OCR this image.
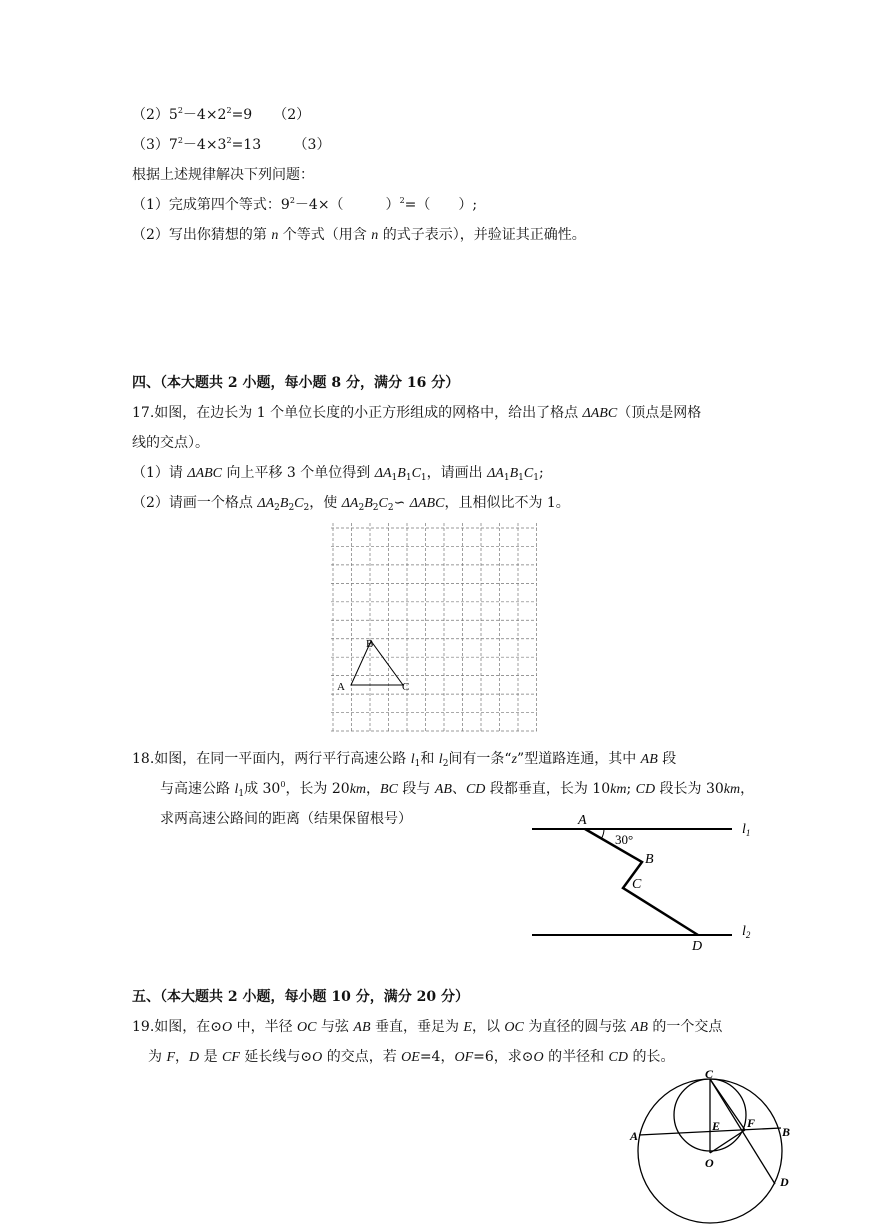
$(2)5^2-4\times 2^2=9$　　（2）
$(3)7^2-4\times 3^2=13$　　 （3）
根据上述规律解决下列问题：
（1）完成第四个等式：$9^2-4\times$（　　　）$^2$=（　　）;
（2）写出你猜想的第 n 个等式（用含 n 的式子表示），并验证其正确性。
四、（本大题共 2 小题，每小题 8 分，满分 16 分）
17.如图，在边长为 1 个单位长度的小正方形组成的网格中，给出了格点 ΔABC（顶点是网格
线的交点）。
（1）请 ΔABC 向上平移 3 个单位得到 $\Delta A_1B_1C_1$，请画出 $\Delta A_1B_1C_1$;
（2）请画一个格点 $\Delta A_2B_2C_2$，使 $\Delta A_2B_2C_2∽$ ΔABC，且相似比不为 1。
A
B
C
18.如图，在同一平面内，两行平行高速公路 $l_1$和 $l_2$间有一条“z”型道路连通，其中 AB 段
与高速公路 $l_1$成 $30^0$，长为 20km，BC 段与 AB、CD 段都垂直，长为 10km; CD 段长为 30km，
求两高速公路间的距离（结果保留根号）	A
30°
B
C
D
$l_1$
$l_2$
五、（本大题共 2 小题，每小题 10 分，满分 20 分）
19.如图，在⊙O 中，半径 OC 与弦 AB 垂直，垂足为 E，以 OC 为直径的圆与弦 AB 的一个交点
为 F，D 是 CF 延长线与⊙O 的交点，若 OE=4，OF=6，求⊙O 的半径和 CD 的长。
C
A
E F
B
O
D
